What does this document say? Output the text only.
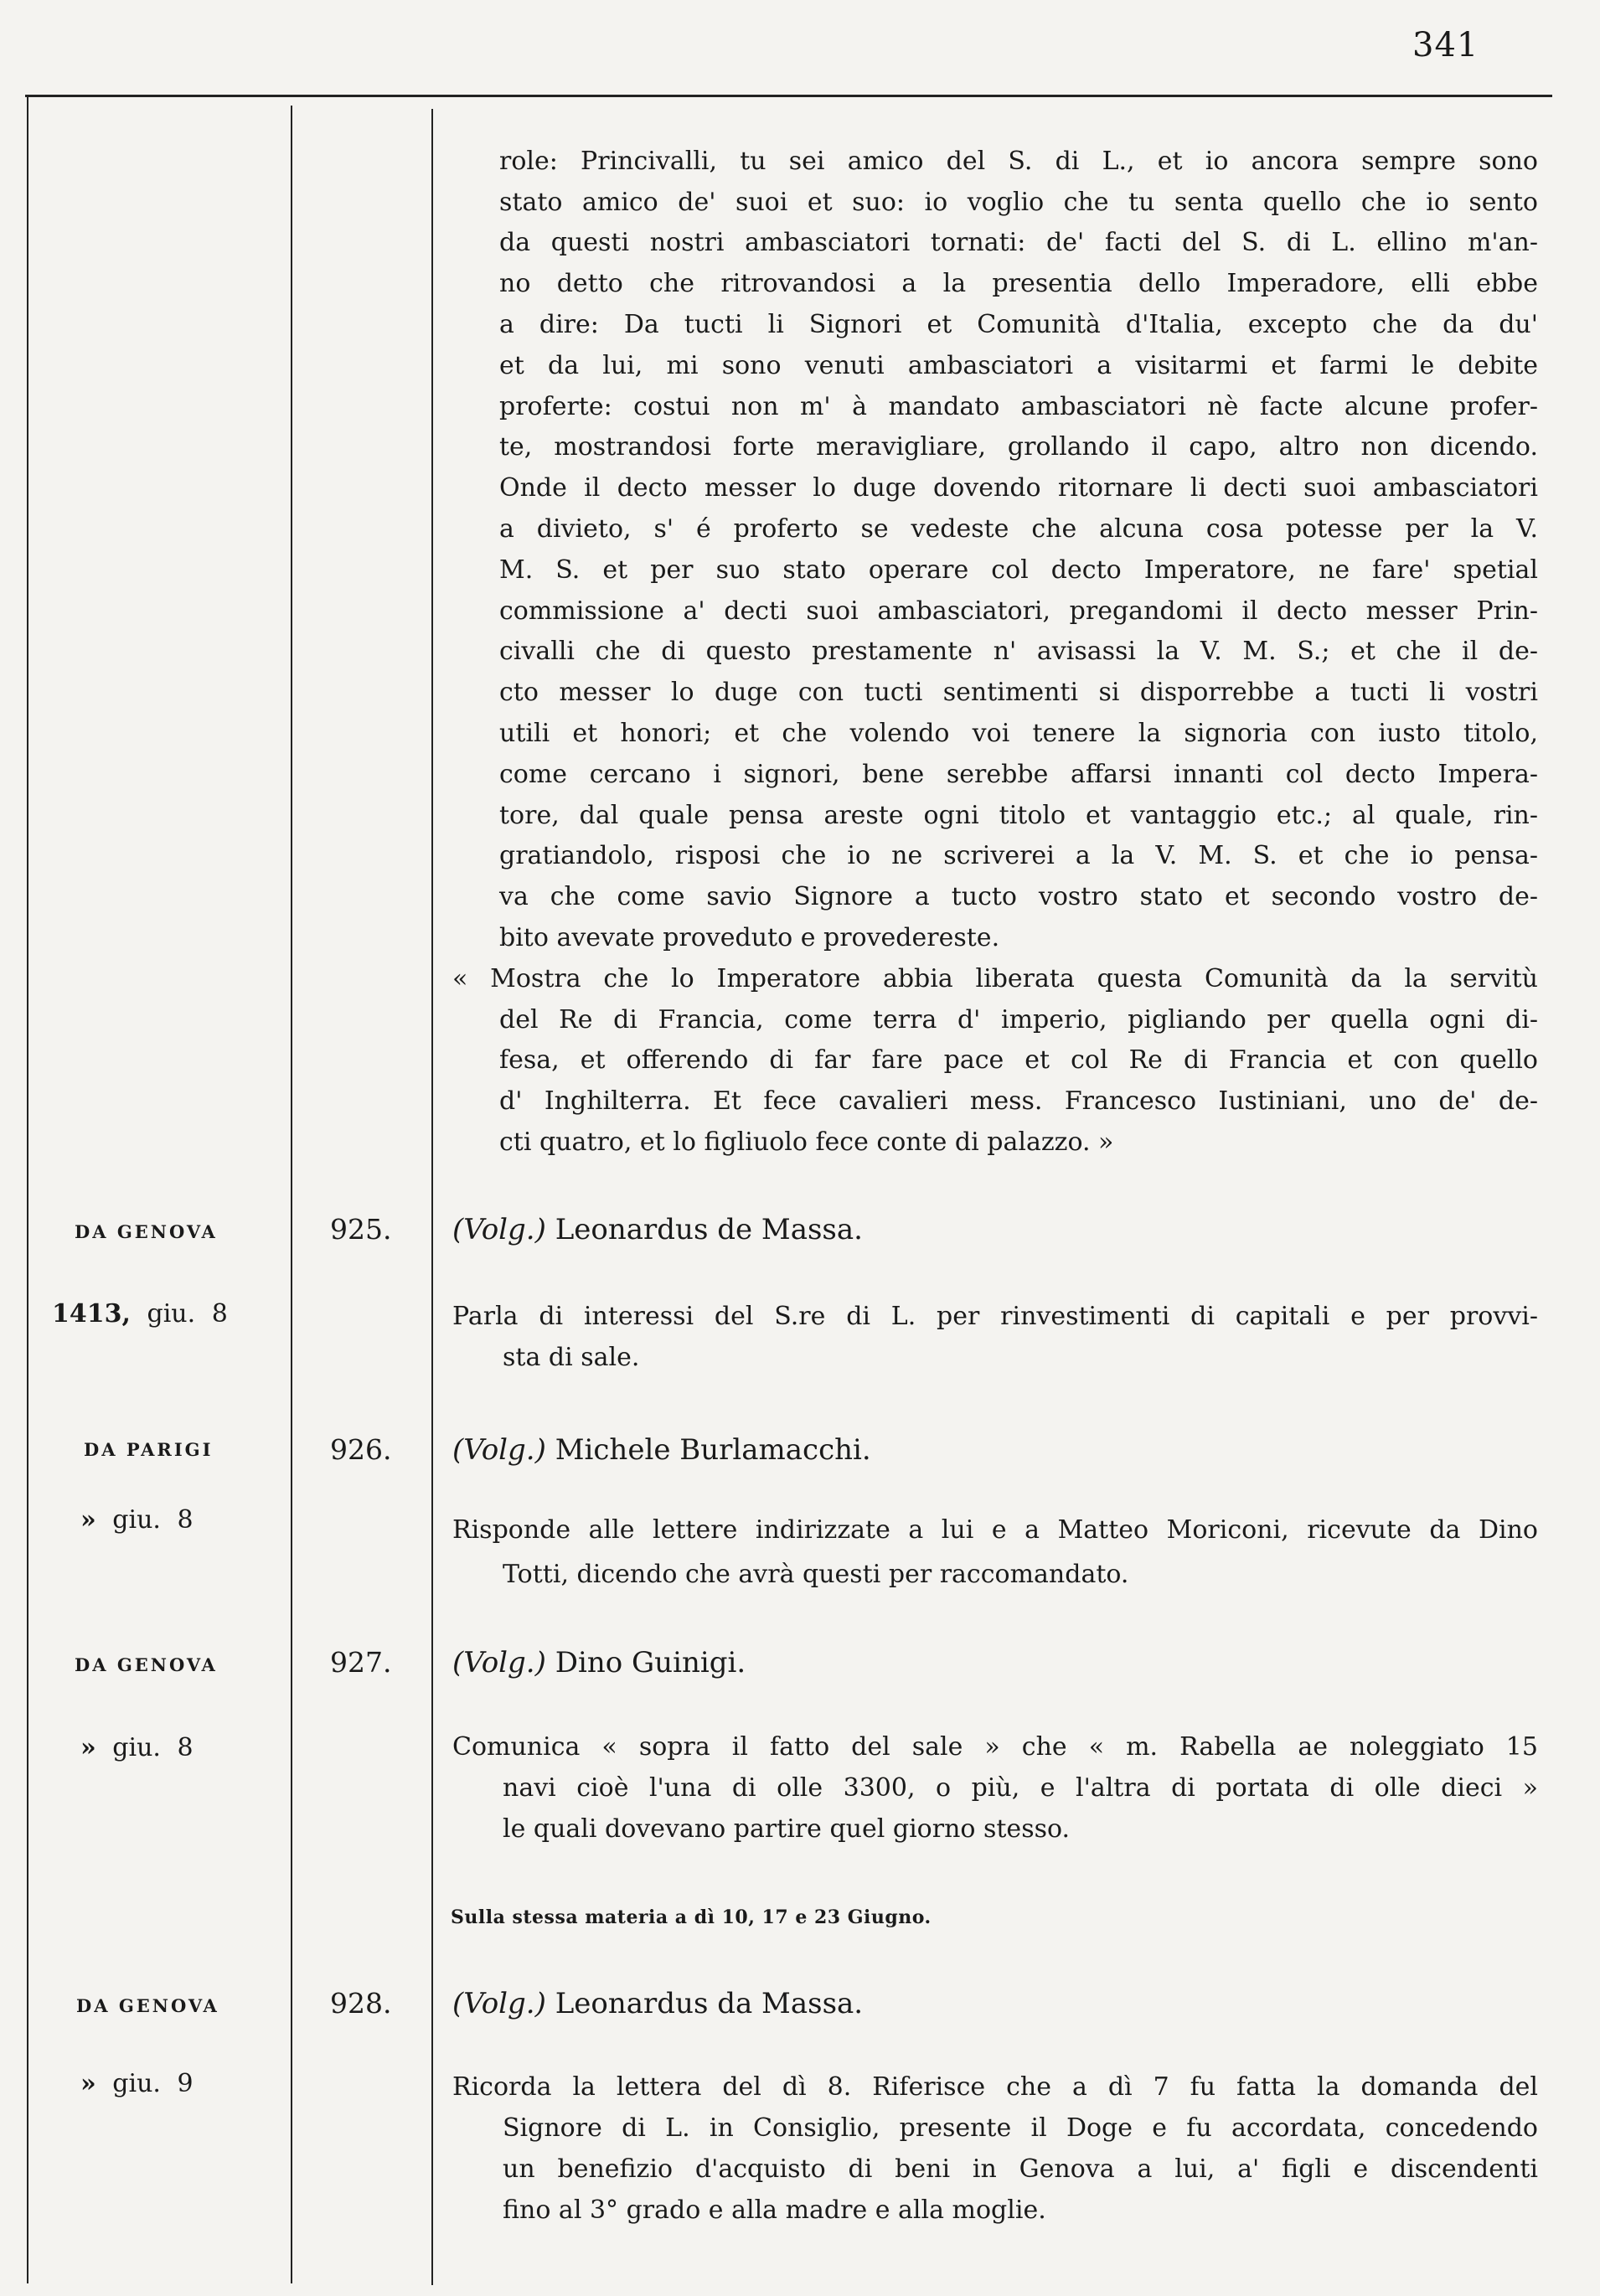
341
role: Princivalli, tu sei amico del S. di L., et io ancora sempre sono
stato amico de' suoi et suo: io voglio che tu senta quello che io sento
da questi nostri ambasciatori tornati: de' facti del S. di L. ellino m'an-
no detto che ritrovandosi a la presentia dello Imperadore, elli ebbe
a dire: Da tucti li Signori et Comunità d'Italia, excepto che da du'
et da lui, mi sono venuti ambasciatori a visitarmi et farmi le debite
proferte: costui non m' à mandato ambasciatori nè facte alcune profer-
te, mostrandosi forte meravigliare, grollando il capo, altro non dicendo.
Onde il decto messer lo duge dovendo ritornare li decti suoi ambasciatori
a divieto, s' é proferto se vedeste che alcuna cosa potesse per la V.
M. S. et per suo stato operare col decto Imperatore, ne fare' spetial
commissione a' decti suoi ambasciatori, pregandomi il decto messer Prin-
civalli che di questo prestamente n' avisassi la V. M. S.; et che il de-
cto messer lo duge con tucti sentimenti si disporrebbe a tucti li vostri
utili et honori; et che volendo voi tenere la signoria con iusto titolo,
come cercano i signori, bene serebbe affarsi innanti col decto Impera-
tore, dal quale pensa areste ogni titolo et vantaggio etc.; al quale, rin-
gratiandolo, risposi che io ne scriverei a la V. M. S. et che io pensa-
va che come savio Signore a tucto vostro stato et secondo vostro de-
bito avevate proveduto e provedereste.
« Mostra che lo Imperatore abbia liberata questa Comunità da la servitù
del Re di Francia, come terra d' imperio, pigliando per quella ogni di-
fesa, et offerendo di far fare pace et col Re di Francia et con quello
d' Inghilterra. Et fece cavalieri mess. Francesco Iustiniani, uno de' de-
cti quatro, et lo figliuolo fece conte di palazzo. »
DA GENOVA
1413, giu. 8
925. (Volg.) Leonardus de Massa.
Parla di interessi del S.re di L. per rinvestimenti di capitali e per provvi-
sta di sale.
DA PARIGI
» giu. 8
926. (Volg.) Michele Burlamacchi.
Risponde alle lettere indirizzate a lui e a Matteo Moriconi, ricevute da Dino
Totti, dicendo che avrà questi per raccomandato.
DA GENOVA
» giu. 8
927. (Volg.) Dino Guinigi.
Comunica « sopra il fatto del sale » che « m. Rabella ae noleggiato 15
navi cioè l'una di olle 3300, o più, e l'altra di portata di olle dieci »
le quali dovevano partire quel giorno stesso.
Sulla stessa materia a dì 10, 17 e 23 Giugno.
DA GENOVA
» giu. 9
928. (Volg.) Leonardus da Massa.
Ricorda la lettera del dì 8. Riferisce che a dì 7 fu fatta la domanda del
Signore di L. in Consiglio, presente il Doge e fu accordata, concedendo
un benefizio d'acquisto di beni in Genova a lui, a' figli e discendenti
fino al 3° grado e alla madre e alla moglie.
